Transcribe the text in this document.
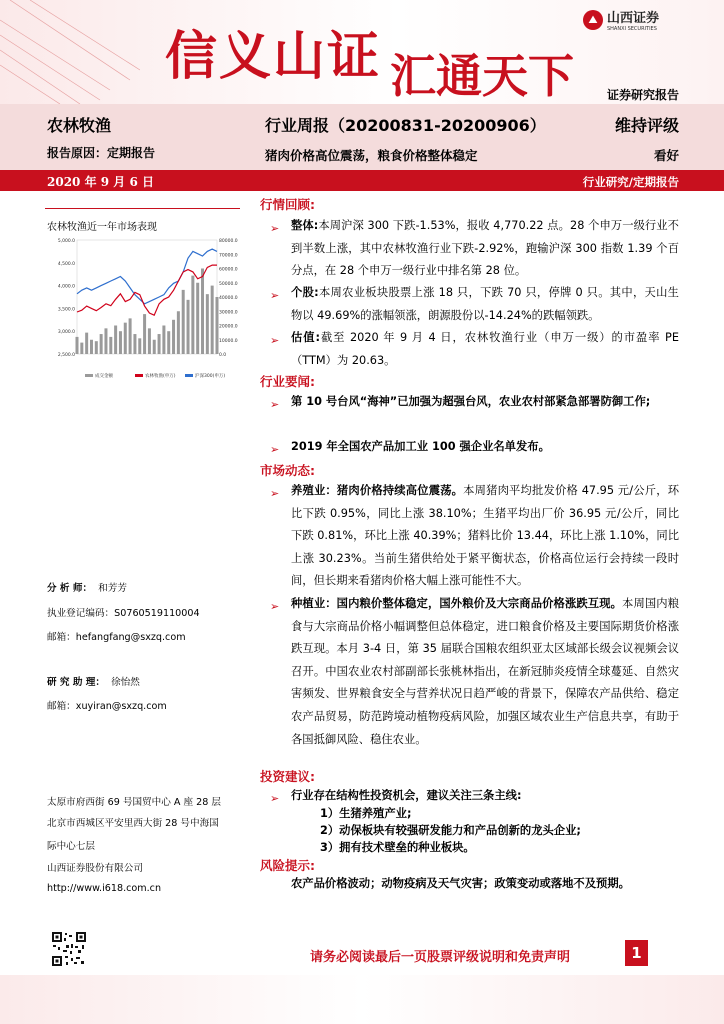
信义山证 汇通天下
⛰ 山西证券
SHANXI SECURITIES
证券研究报告
农林牧渔	行业周报（20200831-20200906）	维持评级
报告原因：定期报告	猪肉价格高位震荡，粮食价格整体稳定	看好
2020 年 9 月 6 日	行业研究/定期报告
农林牧渔近一年市场表现
5,000.0
4,500.0
4,000.0
3,500.0
3,000.0
2,500.0
80000.0
70000.0
60000.0
50000.0
40000.0
30000.0
20000.0
10000.0
0.0
成交金额	农林牧渔(申万)	沪深300(申万)
分 析 师： 和芳芳
执业登记编码：S0760519110004
邮箱：hefangfang@sxzq.com
研 究 助 理： 徐怡然
邮箱：xuyiran@sxzq.com
太原市府西街 69 号国贸中心 A 座 28 层
北京市西城区平安里西大街 28 号中海国
际中心七层
山西证券股份有限公司
http://www.i618.com.cn
行情回顾:
➢ 整体:本周沪深 300 下跌-1.53%，报收 4,770.22 点。28 个申万一级行业不到半数上涨，其中农林牧渔行业下跌-2.92%，跑输沪深 300 指数 1.39 个百分点，在 28 个申万一级行业中排名第 28 位。
➢ 个股:本周农业板块股票上涨 18 只，下跌 70 只，停牌 0 只。其中，天山生物以 49.69%的涨幅领涨，朗源股份以-14.24%的跌幅领跌。
➢ 估值:截至 2020 年 9 月 4 日，农林牧渔行业（申万一级）的市盈率 PE（TTM）为 20.63。
行业要闻:
➢ 第 10 号台风“海神”已加强为超强台风，农业农村部紧急部署防御工作;
➢ 2019 年全国农产品加工业 100 强企业名单发布。
市场动态:
➢ 养殖业：猪肉价格持续高位震荡。本周猪肉平均批发价格 47.95 元/公斤，环比下跌 0.95%，同比上涨 38.10%；生猪平均出厂价 36.95 元/公斤，同比下跌 0.81%，环比上涨 40.39%；猪料比价 13.44，环比上涨 1.10%，同比上涨 30.23%。当前生猪供给处于紧平衡状态，价格高位运行会持续一段时间，但长期来看猪肉价格大幅上涨可能性不大。
➢ 种植业：国内粮价整体稳定，国外粮价及大宗商品价格涨跌互现。本周国内粮食与大宗商品价格小幅调整但总体稳定，进口粮食价格及主要国际期货价格涨跌互现。本月 3-4 日，第 35 届联合国粮农组织亚太区域部长级会议视频会议召开。中国农业农村部副部长张桃林指出，在新冠肺炎疫情全球蔓延、自然灾害频发、世界粮食安全与营养状况日趋严峻的背景下，保障农产品供给、稳定农产品贸易，防范跨境动植物疫病风险，加强区域农业生产信息共享，有助于各国抵御风险、稳住农业。
投资建议:
➢ 行业存在结构性投资机会，建议关注三条主线:
1）生猪养殖产业;
2）动保板块有较强研发能力和产品创新的龙头企业;
3）拥有技术壁垒的种业板块。
风险提示:
农产品价格波动；动物疫病及天气灾害；政策变动或落地不及预期。
请务必阅读最后一页股票评级说明和免责声明	1
